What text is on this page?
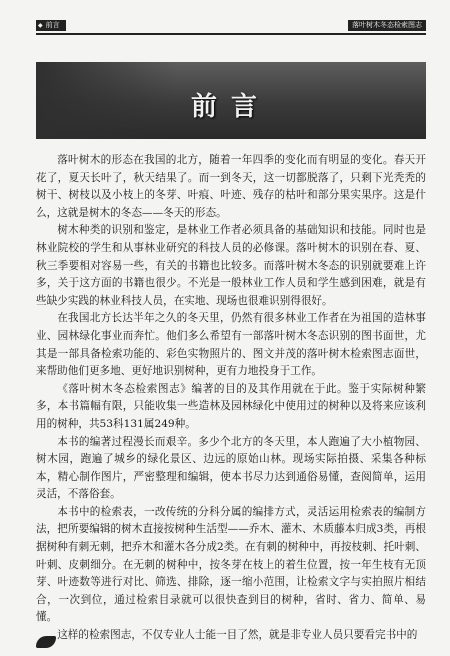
◆ 前言	落叶树木冬态检索图志
前言

落叶树木的形态在我国的北方，随着一年四季的变化而有明显的变化。春天开花了，夏天长叶了，秋天结果了。而一到冬天，这一切都脱落了，只剩下光秃秃的树干、树枝以及小枝上的冬芽、叶痕、叶迹、残存的枯叶和部分果实果序。这是什么，这就是树木的冬态——冬天的形态。

树木种类的识别和鉴定，是林业工作者必须具备的基础知识和技能。同时也是林业院校的学生和从事林业研究的科技人员的必修课。落叶树木的识别在春、夏、秋三季要相对容易一些，有关的书籍也比较多。而落叶树木冬态的识别就要难上许多，关于这方面的书籍也很少。不光是一般林业工作人员和学生感到困难，就是有些缺少实践的林业科技人员，在实地、现场也很难识别得很好。

在我国北方长达半年之久的冬天里，仍然有很多林业工作者在为祖国的造林事业、园林绿化事业而奔忙。他们多么希望有一部落叶树木冬态识别的图书面世，尤其是一部具备检索功能的、彩色实物照片的、图文并茂的落叶树木检索图志面世，来帮助他们更多地、更好地识别树种，更有力地投身于工作。

《落叶树木冬态检索图志》编著的目的及其作用就在于此。鉴于实际树种繁多，本书篇幅有限，只能收集一些造林及园林绿化中使用过的树种以及将来应该利用的树种，共53科131属249种。

本书的编著过程漫长而艰辛。多少个北方的冬天里，本人跑遍了大小植物园、树木园，跑遍了城乡的绿化景区、边远的原始山林。现场实际拍摄、采集各种标本，精心制作图片，严密整理和编辑，使本书尽力达到通俗易懂，查阅简单，运用灵活，不落俗套。

本书中的检索表，一改传统的分科分属的编排方式，灵活运用检索表的编制方法，把所要编辑的树木直接按树种生活型——乔木、灌木、木质藤本归成3类，再根据树种有刺无刺，把乔木和灌木各分成2类。在有刺的树种中，再按枝刺、托叶刺、叶刺、皮刺细分。在无刺的树种中，按冬芽在枝上的着生位置，按一年生枝有无顶芽、叶迹数等进行对比、筛选、排除，逐一缩小范围，让检索文字与实拍照片相结合，一次到位，通过检索目录就可以很快查到目的树种，省时、省力、简单、易懂。

这样的检索图志，不仅专业人士能一目了然，就是非专业人员只要看完书中的
